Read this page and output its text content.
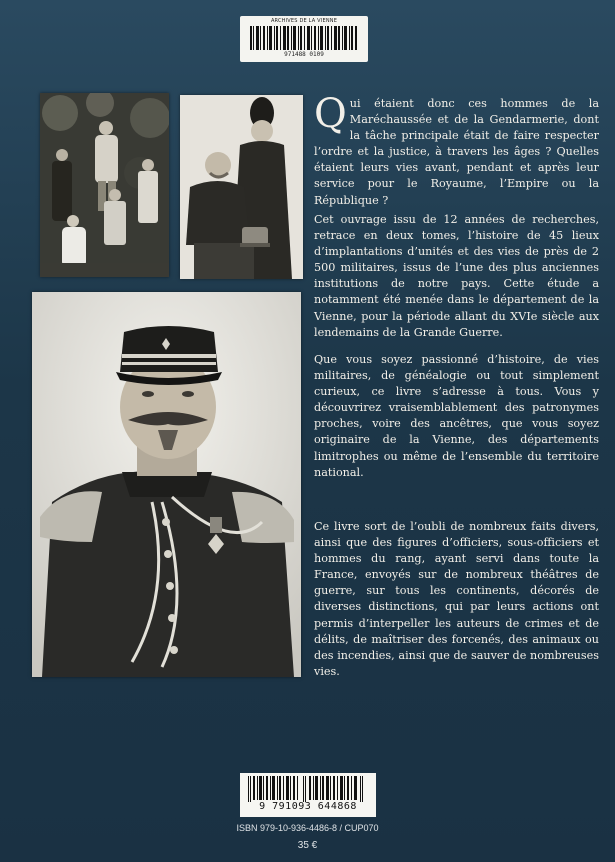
ARCHIVES DE LA VIENNE
971488 0109

Qui étaient donc ces hommes de la Maréchaussée et de la Gendarmerie, dont la tâche principale était de faire respecter l’ordre et la justice, à travers les âges ? Quelles étaient leurs vies avant, pendant et après leur service pour le Royaume, l’Empire ou la République ?

Cet ouvrage issu de 12 années de recherches, retrace en deux tomes, l’histoire de 45 lieux d’implantations d’unités et des vies de près de 2 500 militaires, issus de l’une des plus anciennes institutions de notre pays. Cette étude a notamment été menée dans le département de la Vienne, pour la période allant du XVIe siècle aux lendemains de la Grande Guerre.

Que vous soyez passionné d’histoire, de vies militaires, de généalogie ou tout simplement curieux, ce livre s’adresse à tous. Vous y découvrirez vraisemblablement des patronymes proches, voire des ancêtres, que vous soyez originaire de la Vienne, des départements limitrophes ou même de l’ensemble du territoire national.

Ce livre sort de l’oubli de nombreux faits divers, ainsi que des figures d’officiers, sous-officiers et hommes du rang, ayant servi dans toute la France, envoyés sur de nombreux théâtres de guerre, sur tous les continents, décorés de diverses distinctions, qui par leurs actions ont permis d’interpeller les auteurs de crimes et de délits, de maîtriser des forcenés, des animaux ou des incendies, ainsi que de sauver de nombreuses vies.

9 791093 644868
ISBN 979-10-936-4486-8 / CUP070
35 €
